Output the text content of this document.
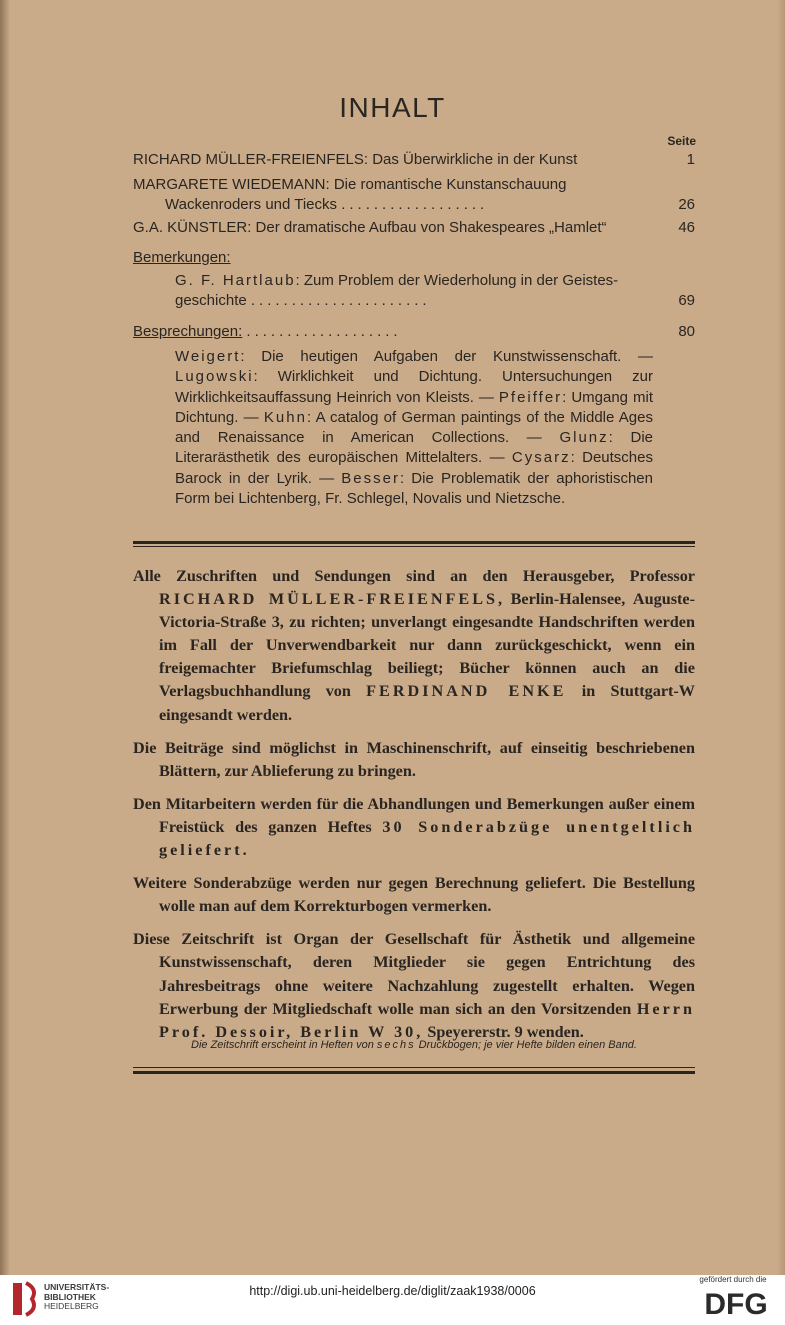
INHALT
Seite
RICHARD MÜLLER-FREIENFELS: Das Überwirkliche in der Kunst	1
MARGARETE WIEDEMANN: Die romantische Kunstanschauung
Wackenroders und Tiecks ..................	26
G.A. KÜNSTLER: Der dramatische Aufbau von Shakespeares „Hamlet“	46
Bemerkungen:
G. F. Hartlaub: Zum Problem der Wiederholung in der Geistes-
geschichte ......................	69
Besprechungen: ...................	80
Weigert: Die heutigen Aufgaben der Kunstwissenschaft. — Lugowski: Wirklichkeit und Dichtung. Untersuchungen zur Wirklichkeitsauffassung Heinrich von Kleists. — Pfeiffer: Umgang mit Dichtung. — Kuhn: A catalog of German paintings of the Middle Ages and Renaissance in American Collections. — Glunz: Die Literarästhetik des europäischen Mittelalters. — Cysarz: Deutsches Barock in der Lyrik. — Besser: Die Problematik der aphoristischen Form bei Lichtenberg, Fr. Schlegel, Novalis und Nietzsche.

Alle Zuschriften und Sendungen sind an den Herausgeber, Professor RICHARD MÜLLER-FREIENFELS, Berlin-Halensee, Auguste-Victoria-Straße 3, zu richten; unverlangt eingesandte Handschriften werden im Fall der Unverwendbarkeit nur dann zurückgeschickt, wenn ein freigemachter Briefumschlag beiliegt; Bücher können auch an die Verlagsbuchhandlung von FERDINAND ENKE in Stuttgart-W eingesandt werden.

Die Beiträge sind möglichst in Maschinenschrift, auf einseitig beschriebenen Blättern, zur Ablieferung zu bringen.

Den Mitarbeitern werden für die Abhandlungen und Bemerkungen außer einem Freistück des ganzen Heftes 30 Sonderabzüge unentgeltlich geliefert.

Weitere Sonderabzüge werden nur gegen Berechnung geliefert. Die Bestellung wolle man auf dem Korrekturbogen vermerken.

Diese Zeitschrift ist Organ der Gesellschaft für Ästhetik und allgemeine Kunstwissenschaft, deren Mitglieder sie gegen Entrichtung des Jahresbeitrags ohne weitere Nachzahlung zugestellt erhalten. Wegen Erwerbung der Mitgliedschaft wolle man sich an den Vorsitzenden Herrn Prof. Dessoir, Berlin W 30, Speyererstr. 9 wenden.

Die Zeitschrift erscheint in Heften von sechs Druckbogen; je vier Hefte bilden einen Band.
UNIVERSITÄTS-
BIBLIOTHEK
HEIDELBERG
http://digi.ub.uni-heidelberg.de/diglit/zaak1938/0006
gefördert durch die
DFG
